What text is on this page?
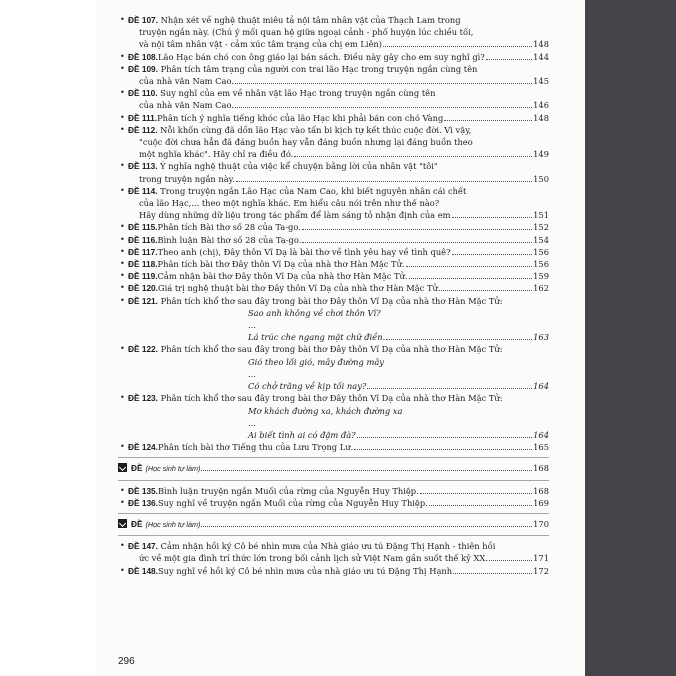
• ĐỀ 107. Nhận xét về nghệ thuật miêu tả nội tâm nhân vật của Thạch Lam trong
truyện ngắn này. (Chú ý mối quan hệ giữa ngoại cảnh - phố huyện lúc chiều tối,
và nội tâm nhân vật - cảm xúc tâm trạng của chị em Liên)	148
• ĐỀ 108. Lão Hạc bán chó con ông giáo lại bán sách. Điều này gây cho em suy nghĩ gì?	144
• ĐỀ 109. Phân tích tâm trạng của người con trai lão Hạc trong truyện ngắn cùng tên
của nhà văn Nam Cao.	145
• ĐỀ 110. Suy nghĩ của em về nhân vật lão Hạc trong truyện ngắn cùng tên
của nhà văn Nam Cao.	146
• ĐỀ 111. Phân tích ý nghĩa tiếng khóc của lão Hạc khi phải bán con chó Vàng	148
• ĐỀ 112. Nỗi khốn cùng đã dồn lão Hạc vào tấn bi kịch tự kết thúc cuộc đời. Vì vậy,
"cuộc đời chưa hẳn đã đáng buồn hay vẫn đáng buồn nhưng lại đáng buồn theo
một nghĩa khác". Hãy chỉ ra điều đó.	149
• ĐỀ 113. Ý nghĩa nghệ thuật của việc kể chuyện bằng lời của nhân vật "tôi"
trong truyện ngắn này.	150
• ĐỀ 114. Trong truyện ngắn Lão Hạc của Nam Cao, khi biết nguyên nhân cái chết
của lão Hạc,... theo một nghĩa khác. Em hiểu câu nói trên như thế nào?
Hãy dùng những dữ liệu trong tác phẩm để làm sáng tỏ nhận định của em	151
• ĐỀ 115. Phân tích Bài thơ số 28 của Ta-go.	152
• ĐỀ 116. Bình luận Bài thơ số 28 của Ta-go.	154
• ĐỀ 117. Theo anh (chị), Đây thôn Vĩ Dạ là bài thơ về tình yêu hay về tình quê?	156
• ĐỀ 118. Phân tích bài thơ Đây thôn Vĩ Dạ của nhà thơ Hàn Mặc Tử.	156
• ĐỀ 119. Cảm nhận bài thơ Đây thôn Vĩ Dạ của nhà thơ Hàn Mặc Tử.	159
• ĐỀ 120. Giá trị nghệ thuật bài thơ Đây thôn Vĩ Dạ của nhà thơ Hàn Mặc Tử.	162
• ĐỀ 121. Phân tích khổ thơ sau đây trong bài thơ Đây thôn Vĩ Dạ của nhà thơ Hàn Mặc Tử:
Sao anh không về chơi thôn Vĩ?
...
Lá trúc che ngang mặt chữ điền.	163
• ĐỀ 122. Phân tích khổ thơ sau đây trong bài thơ Đây thôn Vĩ Dạ của nhà thơ Hàn Mặc Tử:
Gió theo lối gió, mây đường mây
...
Có chở trăng về kịp tối nay?	164
• ĐỀ 123. Phân tích khổ thơ sau đây trong bài thơ Đây thôn Vĩ Dạ của nhà thơ Hàn Mặc Tử:
Mơ khách đường xa, khách đường xa
...
Ai biết tình ai có đậm đà?	164
• ĐỀ 124. Phân tích bài thơ Tiếng thu của Lưu Trọng Lư.	165
ĐỀ (Học sinh tự làm)	168
• ĐỀ 135. Bình luận truyện ngắn Muối của rừng của Nguyễn Huy Thiệp.	168
• ĐỀ 136. Suy nghĩ về truyện ngắn Muối của rừng của Nguyễn Huy Thiệp.	169
ĐỀ (Học sinh tự làm)	170
• ĐỀ 147. Cảm nhận hồi ký Cô bé nhìn mưa của Nhà giáo ưu tú Đặng Thị Hạnh - thiên hồi
ức về một gia đình trí thức lớn trong bối cảnh lịch sử Việt Nam gần suốt thế kỷ XX.	171
• ĐỀ 148. Suy nghĩ về hồi ký Cô bé nhìn mưa của nhà giáo ưu tú Đặng Thị Hạnh	172
296
